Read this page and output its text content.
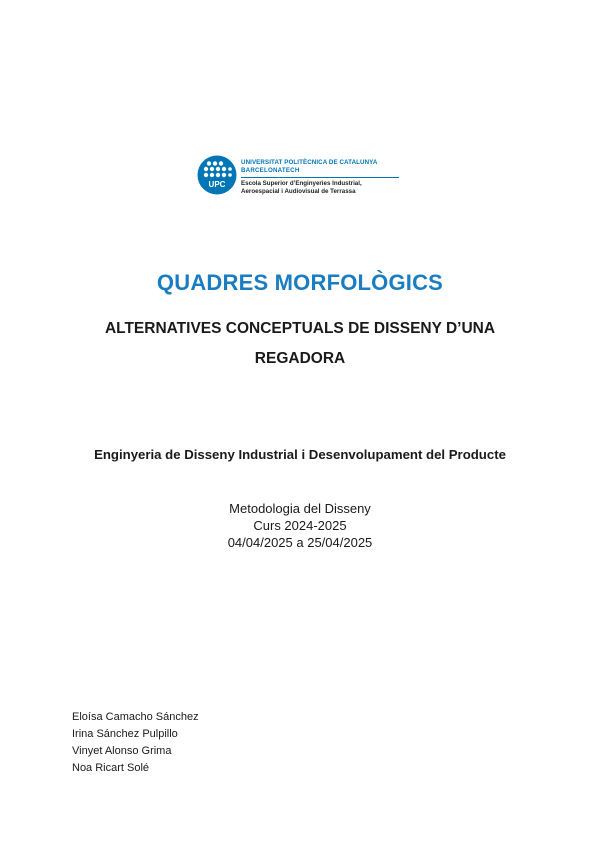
UPC
UNIVERSITAT POLITÈCNICA DE CATALUNYA
BARCELONATECH
Escola Superior d’Enginyeries Industrial,
Aeroespacial i Audiovisual de Terrassa
QUADRES MORFOLÒGICS
ALTERNATIVES CONCEPTUALS DE DISSENY D’UNA REGADORA
Enginyeria de Disseny Industrial i Desenvolupament del Producte
Metodologia del Disseny
Curs 2024-2025
04/04/2025 a 25/04/2025
Eloísa Camacho Sánchez
Irina Sánchez Pulpillo
Vinyet Alonso Grima
Noa Ricart Solé
